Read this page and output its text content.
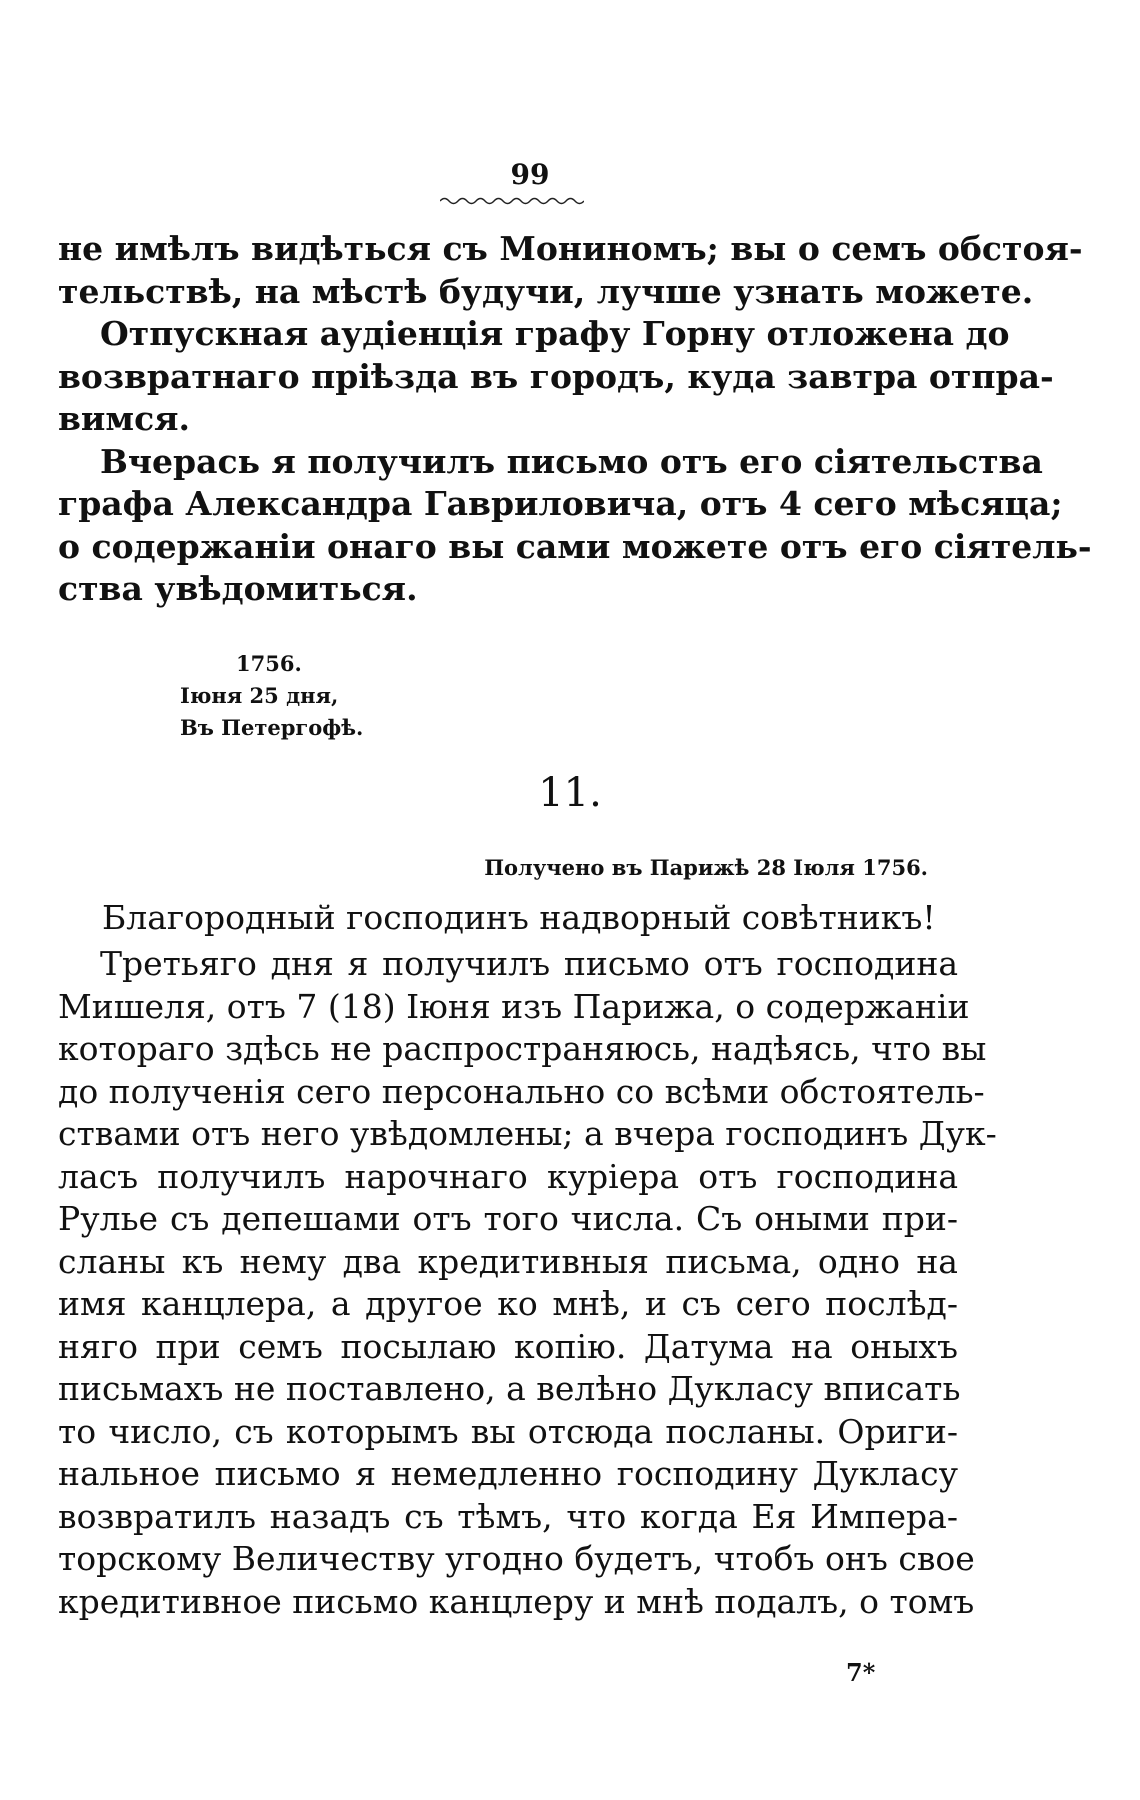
99

не имѣлъ видѣться съ Мониномъ; вы о семъ обстоя-
тельствѣ, на мѣстѣ будучи, лучше узнать можете.

Отпускная аудіенція графу Горну отложена до

возвратнаго пріѣзда въ городъ, куда завтра отпра-
вимся.

Вчерась я получилъ письмо отъ его сіятельства

графа Александра Гавриловича, отъ 4 сего мѣсяца;
о содержаніи онаго вы сами можете отъ его сіятель-
ства увѣдомиться.

1756.
Іюня 25 дня,
Въ Петергофѣ.
11.
Получено въ Парижѣ 28 Іюля 1756.
Благородный господинъ надворный совѣтникъ!

Третьяго дня я получилъ письмо отъ господина

Мишеля, отъ 7 (18) Іюня изъ Парижа, о содержаніи
котораго здѣсь не распространяюсь, надѣясь, что вы
до полученія сего персонально со всѣми обстоятель-
ствами отъ него увѣдомлены; а вчера господинъ Дук-
ласъ получилъ нарочнаго куріера отъ господина
Рулье съ депешами отъ того числа. Съ оными при-
сланы къ нему два кредитивныя письма, одно на
имя канцлера, а другое ко мнѣ, и съ сего послѣд-
няго при семъ посылаю копію. Датума на оныхъ
письмахъ не поставлено, а велѣно Дукласу вписать
то число, съ которымъ вы отсюда посланы. Ориги-
нальное письмо я немедленно господину Дукласу
возвратилъ назадъ съ тѣмъ, что когда Ея Импера-
торскому Величеству угодно будетъ, чтобъ онъ свое
кредитивное письмо канцлеру и мнѣ подалъ, о томъ

7*
